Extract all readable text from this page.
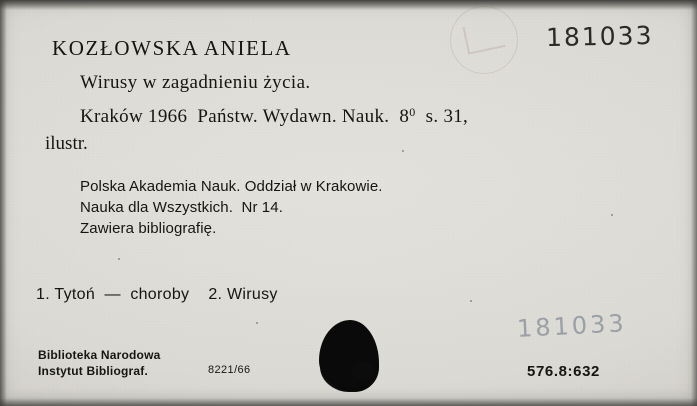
181033
KOZŁOWSKA ANIELA
Wirusy w zagadnieniu życia.
Kraków 1966  Państw. Wydawn. Nauk.  $8^0$  s. 31,
ilustr.
Polska Akademia Nauk. Oddział w Krakowie.
Nauka dla Wszystkich.  Nr 14.
Zawiera bibliografię.
1. Tytoń  —  choroby    2. Wirusy
Biblioteka Narodowa
Instytut Bibliograf.	8221/66	576.8:632
181033
